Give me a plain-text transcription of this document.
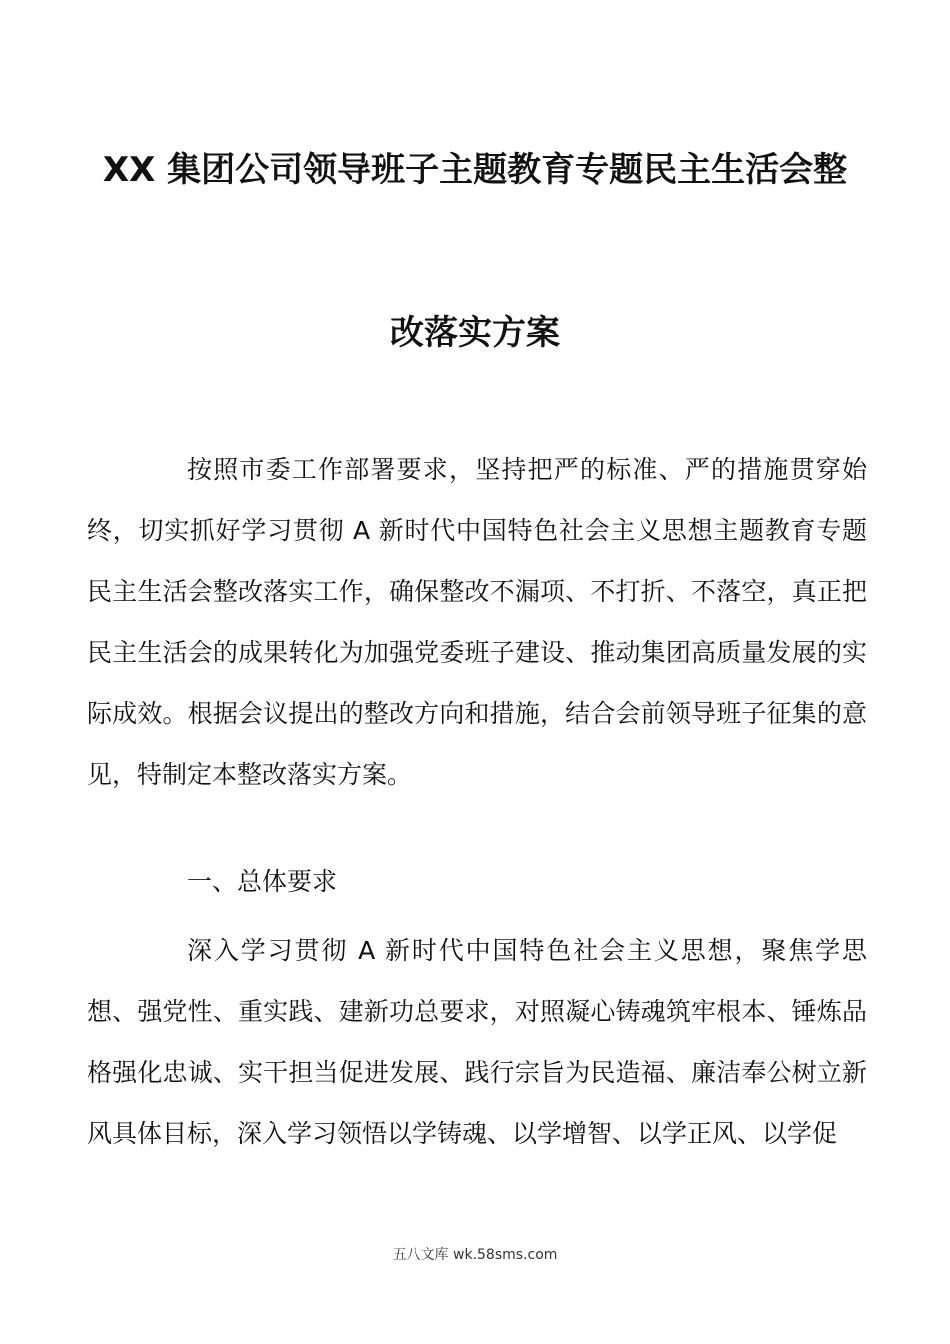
XX 集团公司领导班子主题教育专题民主生活会整
改落实方案

按照市委工作部署要求，坚持把严的标准、严的措施贯穿始终，切实抓好学习贯彻 A 新时代中国特色社会主义思想主题教育专题民主生活会整改落实工作，确保整改不漏项、不打折、不落空，真正把民主生活会的成果转化为加强党委班子建设、推动集团高质量发展的实际成效。根据会议提出的整改方向和措施，结合会前领导班子征集的意见，特制定本整改落实方案。

一、总体要求

深入学习贯彻 A 新时代中国特色社会主义思想，聚焦学思想、强党性、重实践、建新功总要求，对照凝心铸魂筑牢根本、锤炼品格强化忠诚、实干担当促进发展、践行宗旨为民造福、廉洁奉公树立新风具体目标，深入学习领悟以学铸魂、以学增智、以学正风、以学促

五八文库 wk.58sms.com
